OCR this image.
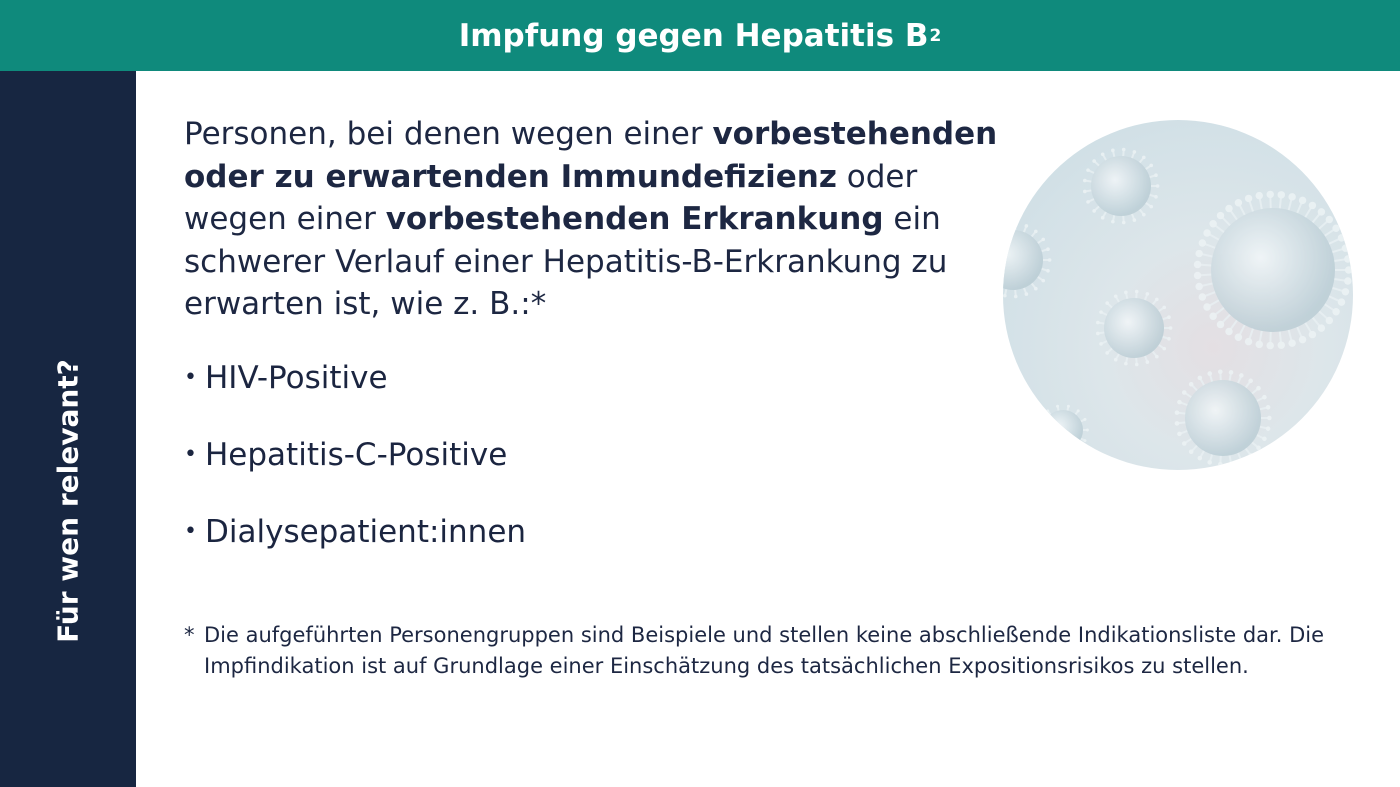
Impfung gegen Hepatitis B 2
Für wen relevant?
Personen, bei denen wegen einer vorbestehenden oder zu erwartenden Immundefizienz oder wegen einer vorbestehenden Erkrankung ein schwerer Verlauf einer Hepatitis-B-Erkrankung zu erwarten ist, wie z. B.:*
• HIV-Positive
• Hepatitis-C-Positive
• Dialysepatient:innen
* Die aufgeführten Personengruppen sind Beispiele und stellen keine abschließende Indikationsliste dar. Die Impfindikation ist auf Grundlage einer Einschätzung des tatsächlichen Expositionsrisikos zu stellen.
